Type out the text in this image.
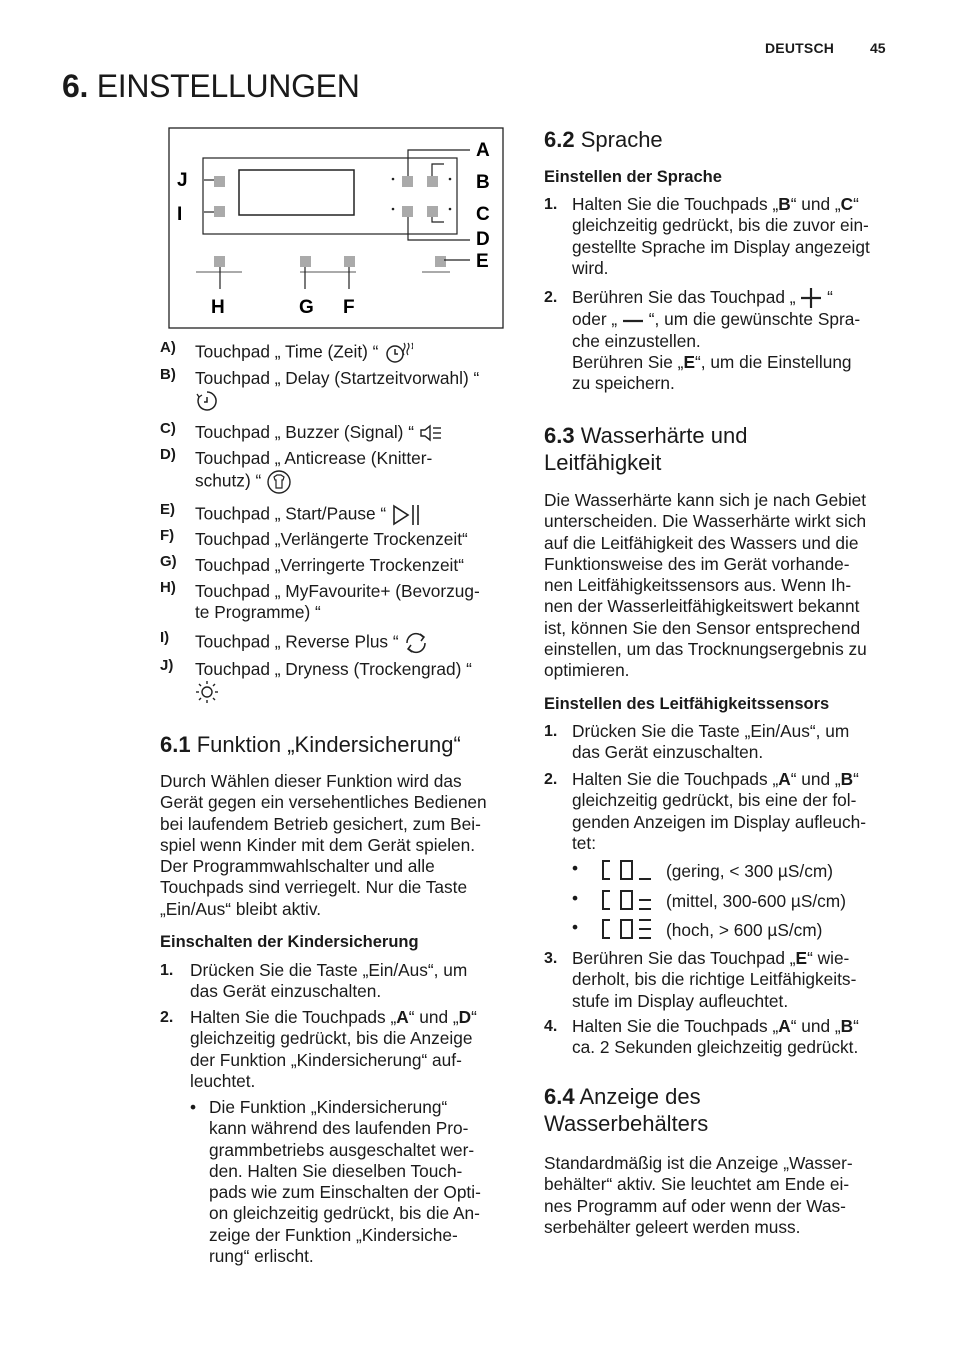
DEUTSCH	45
6. EINSTELLUNGEN
A
B
C
D
E
J
I
H	G F
A) Touchpad „ Time (Zeit) “
B) Touchpad „ Delay (Startzeitvorwahl) “

C) Touchpad „ Buzzer (Signal) “
D) Touchpad „ Anticrease (Knitter-
schutz) “
E) Touchpad „ Start/Pause “
F) Touchpad „Verlängerte Trockenzeit“
G) Touchpad „Verringerte Trockenzeit“
H) Touchpad „ MyFavourite+ (Bevorzug-
te Programme) “
I) Touchpad „ Reverse Plus “
J) Touchpad „ Dryness (Trockengrad) “

6.1 Funktion „Kindersicherung“
Durch Wählen dieser Funktion wird das
Gerät gegen ein versehentliches Bedienen
bei laufendem Betrieb gesichert, zum Bei-
spiel wenn Kinder mit dem Gerät spielen.
Der Programmwahlschalter und alle
Touchpads sind verriegelt. Nur die Taste
„Ein/Aus“ bleibt aktiv.
Einschalten der Kindersicherung
1. Drücken Sie die Taste „Ein/Aus“, um
das Gerät einzuschalten.
2. Halten Sie die Touchpads „A“ und „D“
gleichzeitig gedrückt, bis die Anzeige
der Funktion „Kindersicherung“ auf-
leuchtet.
• Die Funktion „Kindersicherung“
kann während des laufenden Pro-
grammbetriebs ausgeschaltet wer-
den. Halten Sie dieselben Touch-
pads wie zum Einschalten der Opti-
on gleichzeitig gedrückt, bis die An-
zeige der Funktion „Kindersiche-
rung“ erlischt.
6.2 Sprache
Einstellen der Sprache
1. Halten Sie die Touchpads „B“ und „C“
gleichzeitig gedrückt, bis die zuvor ein-
gestellte Sprache im Display angezeigt
wird.
2. Berühren Sie das Touchpad „ “
oder „ “, um die gewünschte Spra-
che einzustellen.
Berühren Sie „E“, um die Einstellung
zu speichern.
6.3 Wasserhärte und
Leitfähigkeit
Die Wasserhärte kann sich je nach Gebiet
unterscheiden. Die Wasserhärte wirkt sich
auf die Leitfähigkeit des Wassers und die
Funktionsweise des im Gerät vorhande-
nen Leitfähigkeitssensors aus. Wenn Ih-
nen der Wasserleitfähigkeitswert bekannt
ist, können Sie den Sensor entsprechend
einstellen, um das Trocknungsergebnis zu
optimieren.
Einstellen des Leitfähigkeitssensors
1. Drücken Sie die Taste „Ein/Aus“, um
das Gerät einzuschalten.
2. Halten Sie die Touchpads „A“ und „B“
gleichzeitig gedrückt, bis eine der fol-
genden Anzeigen im Display aufleuch-
tet:
•	(gering, < 300 µS/cm)
•	(mittel, 300-600 µS/cm)
•	(hoch, > 600 µS/cm)
3. Berühren Sie das Touchpad „E“ wie-
derholt, bis die richtige Leitfähigkeits-
stufe im Display aufleuchtet.
4. Halten Sie die Touchpads „A“ und „B“
ca. 2 Sekunden gleichzeitig gedrückt.
6.4 Anzeige des
Wasserbehälters
Standardmäßig ist die Anzeige „Wasser-
behälter“ aktiv. Sie leuchtet am Ende ei-
nes Programm auf oder wenn der Was-
serbehälter geleert werden muss.
